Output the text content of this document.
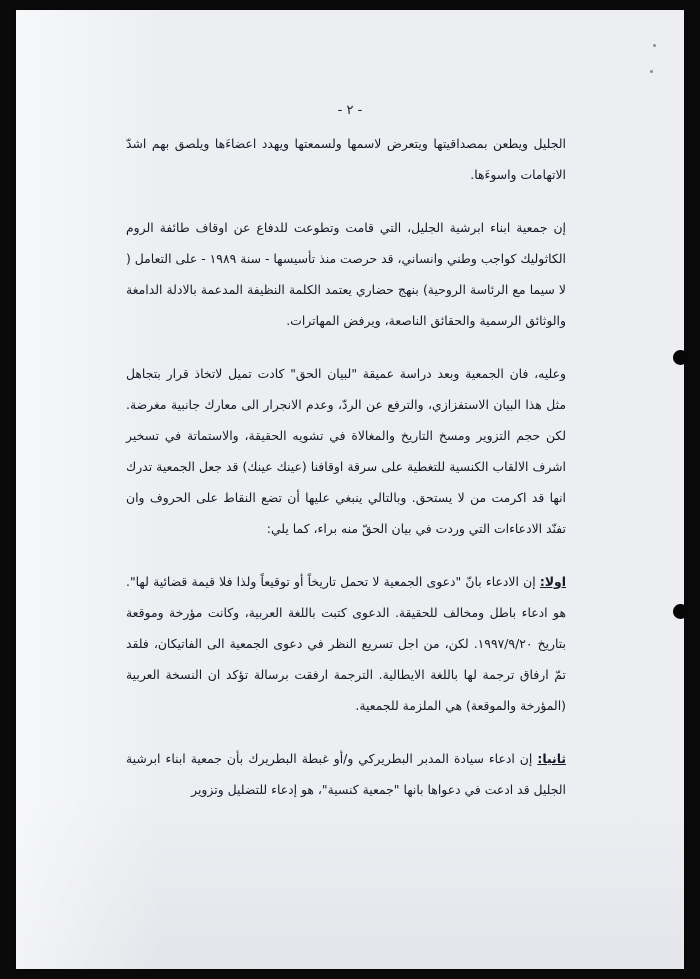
- ٢ -

الجليل ويطعن بمصداقيتها ويتعرض لاسمها ولسمعتها ويهدد اعضاءَها ويلصق بهم اشدّ الاتهامات واسوءَها.

إن جمعية ابناء ابرشية الجليل، التي قامت وتطوعت للدفاع عن اوقاف طائفة الروم الكاثوليك كواجب وطني وانساني، قد حرصت منذ تأسيسها - سنة ١٩٨٩ - على التعامل ( لا سيما مع الرئاسة الروحية) بنهج حضاري يعتمد الكلمة النظيفة المدعمة بالادلة الدامغة والوثائق الرسمية والحقائق الناصعة، ويرفض المهاترات.

وعليه، فان الجمعية وبعد دراسة عميقة "لبيان الحق" كادت تميل لاتخاذ قرار بتجاهل مثل هذا البيان الاستفزازي، والترفع عن الردّ، وعدم الانجرار الى معارك جانبية مغرضة. لكن حجم التزوير ومسخ التاريخ والمغالاة في تشويه الحقيقة، والاستماتة في تسخير اشرف الالقاب الكنسية للتغطية على سرقة اوقافنا (عينك عينك) قد جعل الجمعية تدرك انها قد اكرمت من لا يستحق. وبالتالي ينبغي عليها أن تضع النقاط على الحروف وان تفنّد الادعاءات التي وردت في بيان الحقّ منه براء، كما يلي:

اولا: إن الادعاء بانّ "دعوى الجمعية لا تحمل تاريخاً أو توقيعاً ولذا فلا قيمة قضائية لها". هو ادعاء باطل ومخالف للحقيقة. الدعوى كتبت باللغة العربية، وكانت مؤرخة وموقعة بتاريخ ١٩٩٧/٩/٢٠. لكن، من اجل تسريع النظر في دعوى الجمعية الى الفاتيكان، فلقد تمّ ارفاق ترجمة لها باللغة الايطالية. الترجمة ارفقت برسالة تؤكد ان النسخة العربية (المؤرخة والموقعة) هي الملزمة للجمعية.

ثانيا: إن ادعاء سيادة المدبر البطريركي و/أو غبطة البطريرك بأن جمعية ابناء ابرشية الجليل قد ادعت في دعواها بانها "جمعية كنسية"، هو إدعاء للتضليل وتزوير
